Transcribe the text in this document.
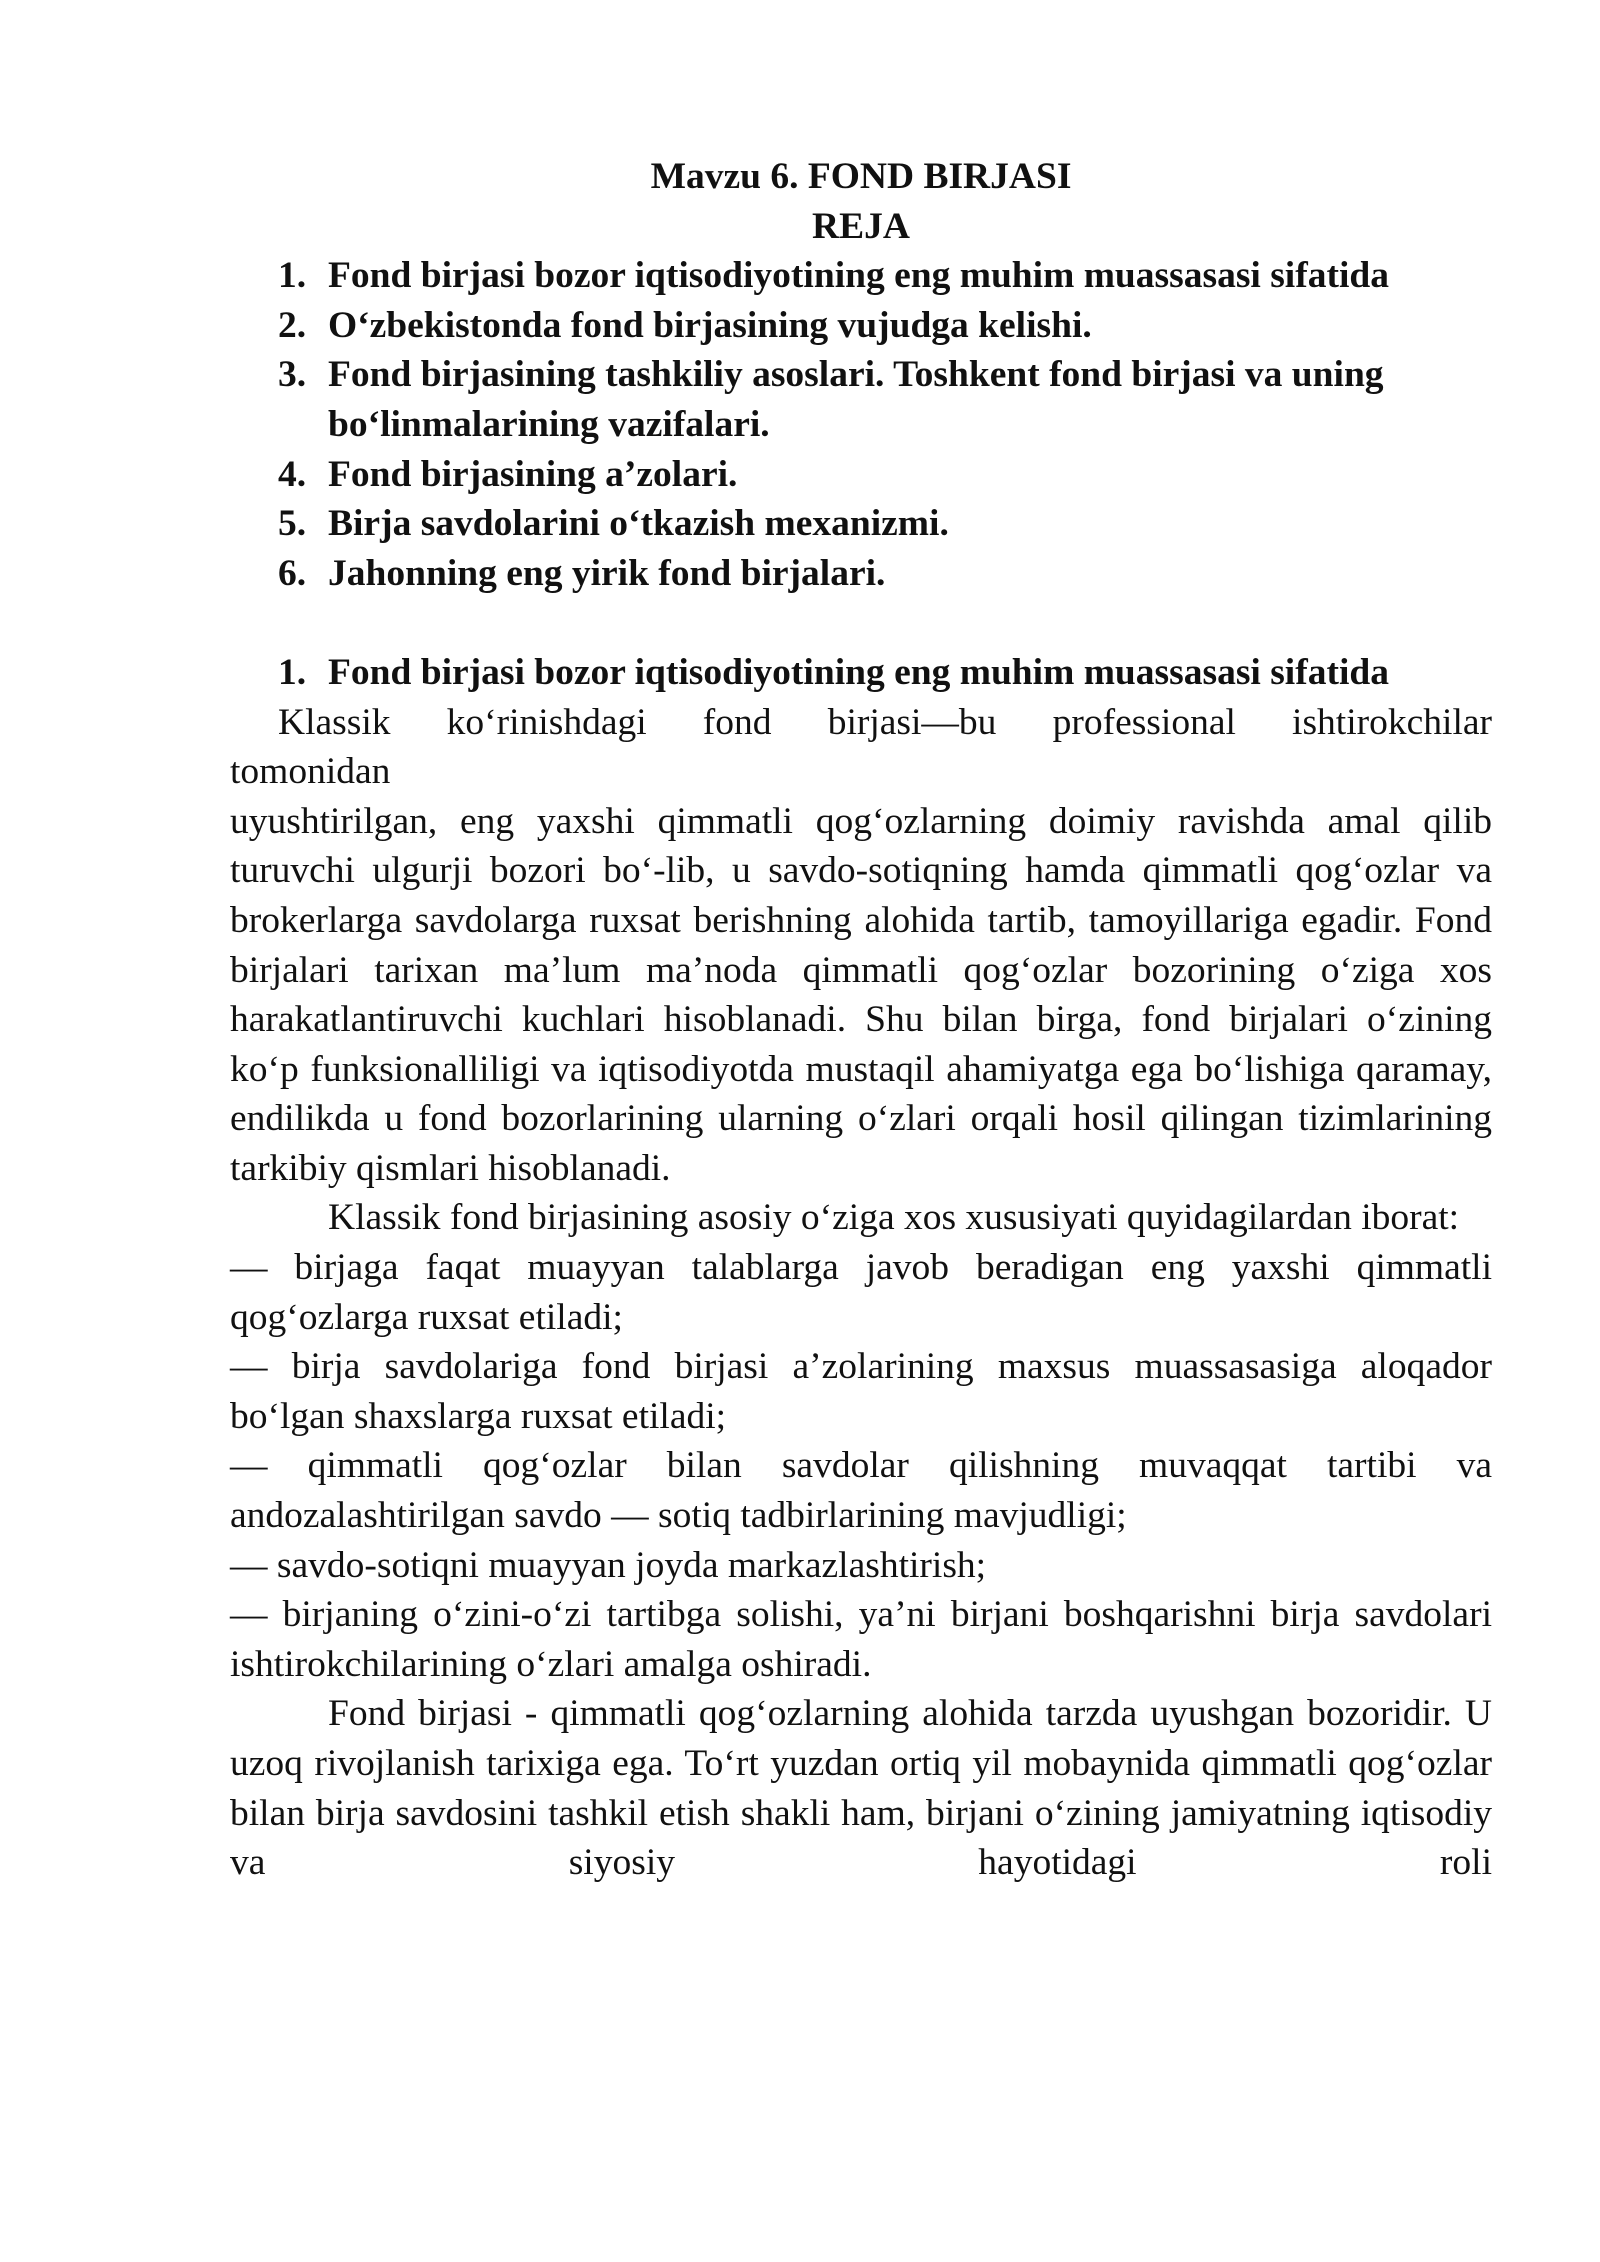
Mavzu 6. FOND BIRJASI
REJA
1. Fond birjasi bozor iqtisodiyotining eng muhim muassasasi sifatida
2. O‘zbekistonda fond birjasining vujudga kelishi.
3. Fond birjasining tashkiliy asoslari. Toshkent fond birjasi va uning bo‘linmalarining vazifalari.
4. Fond birjasining a’zolari.
5. Birja savdolarini o‘tkazish mexanizmi.
6. Jahonning eng yirik fond birjalari.
1. Fond birjasi bozor iqtisodiyotining eng muhim muassasasi sifatida
Klassik ko‘rinishdagi fond birjasi—bu professional ishtirokchilar
tomonidan

uyushtirilgan, eng yaxshi qimmatli qog‘ozlarning doimiy ravishda amal qilib turuvchi ulgurji bozori bo‘-lib, u savdo-sotiqning hamda qimmatli qog‘ozlar va brokerlarga savdolarga ruxsat berishning alohida tartib, tamoyillariga egadir. Fond birjalari tarixan ma’lum ma’noda qimmatli qog‘ozlar bozorining o‘ziga xos harakatlantiruvchi kuchlari hisoblanadi. Shu bilan birga, fond birjalari o‘zining ko‘p funksionalliligi va iqtisodiyotda mustaqil ahamiyatga ega bo‘lishiga qaramay, endilikda u fond bozorlarining ularning o‘zlari orqali hosil qilingan tizimlarining tarkibiy qismlari hisoblanadi.

Klassik fond birjasining asosiy o‘ziga xos xususiyati quyidagilardan iborat:

— birjaga faqat muayyan talablarga javob beradigan eng yaxshi qimmatli qog‘ozlarga ruxsat etiladi;

— birja savdolariga fond birjasi a’zolarining maxsus muassasasiga aloqador bo‘lgan shaxslarga ruxsat etiladi;

— qimmatli qog‘ozlar bilan savdolar qilishning muvaqqat tartibi va andozalashtirilgan savdo — sotiq tadbirlarining mavjudligi;

— savdo-sotiqni muayyan joyda markazlashtirish;

— birjaning o‘zini-o‘zi tartibga solishi, ya’ni birjani boshqarishni birja savdolari ishtirokchilarining o‘zlari amalga oshiradi.

Fond birjasi - qimmatli qog‘ozlarning alohida tarzda uyushgan bozoridir. U uzoq rivojlanish tarixiga ega. To‘rt yuzdan ortiq yil mobaynida qimmatli qog‘ozlar bilan birja savdosini tashkil etish shakli ham, birjani o‘zining jamiyatning iqtisodiy va siyosiy hayotidagi roli
